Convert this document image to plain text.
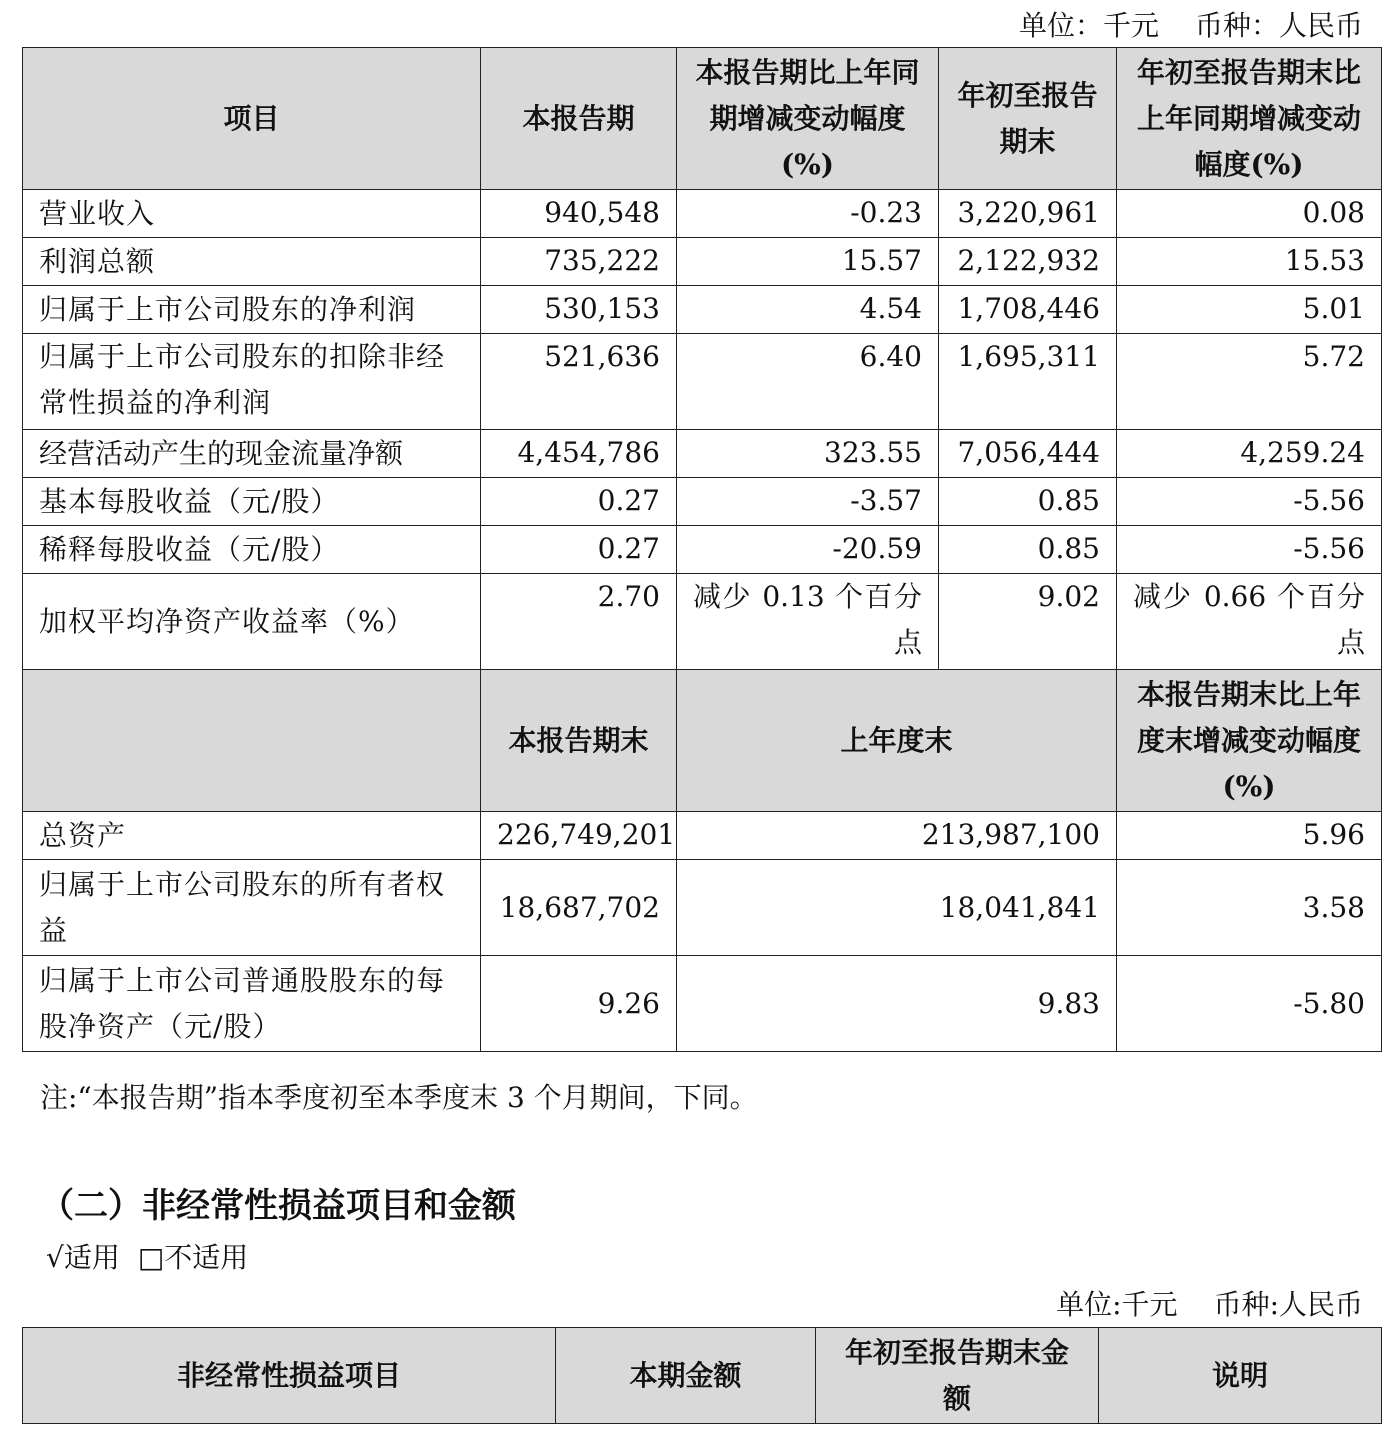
单位：千元 币种：人民币
项目	本报告期	本报告期比上年同期增减变动幅度(%)	年初至报告期末	年初至报告期末比上年同期增减变动幅度(%)
营业收入	940,548	-0.23	3,220,961	0.08
利润总额	735,222	15.57	2,122,932	15.53
归属于上市公司股东的净利润	530,153	4.54	1,708,446	5.01
归属于上市公司股东的扣除非经常性损益的净利润	521,636	6.40	1,695,311	5.72
经营活动产生的现金流量净额	4,454,786	323.55	7,056,444	4,259.24
基本每股收益（元/股）	0.27	-3.57	0.85	-5.56
稀释每股收益（元/股）	0.27	-20.59	0.85	-5.56
加权平均净资产收益率（%）	2.70	减少 0.13 个百分点	9.02	减少 0.66 个百分点
	本报告期末	上年度末		本报告期末比上年度末增减变动幅度(%)
总资产	226,749,201	213,987,100		5.96
归属于上市公司股东的所有者权益	18,687,702	18,041,841		3.58
归属于上市公司普通股股东的每股净资产（元/股）	9.26	9.83		-5.80
注:“本报告期”指本季度初至本季度末 3 个月期间，下同。
（二）非经常性损益项目和金额
√适用 □不适用
单位:千元 币种:人民币
非经常性损益项目	本期金额	年初至报告期末金额	说明
